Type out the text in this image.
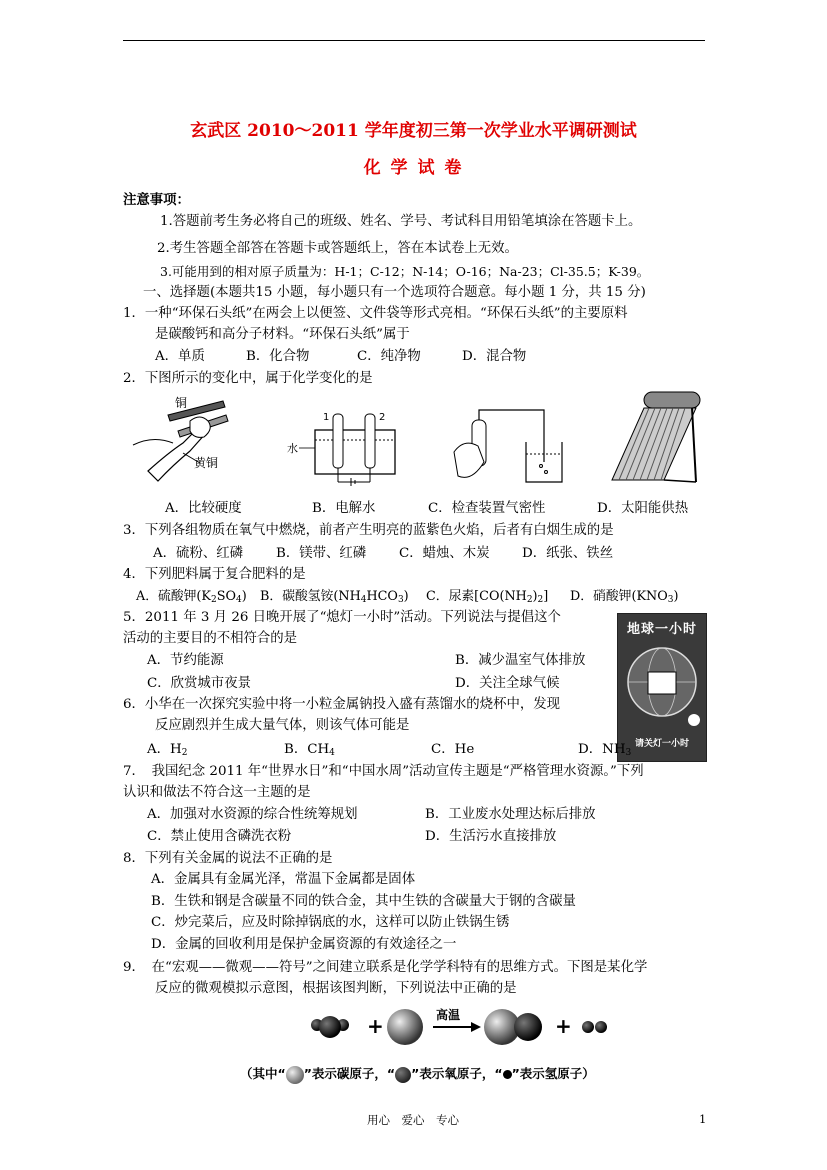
玄武区 2010～2011 学年度初三第一次学业水平调研测试
化 学 试 卷
注意事项：
1.答题前考生务必将自己的班级、姓名、学号、考试科目用铅笔填涂在答题卡上。
2.考生答题全部答在答题卡或答题纸上，答在本试卷上无效。
3.可能用到的相对原子质量为：H-1；C-12；N-14；O-16；Na-23；Cl-35.5；K-39。
一、选择题(本题共15 小题，每小题只有一个选项符合题意。每小题 1 分，共 15 分)
1．一种“环保石头纸”在两会上以便签、文件袋等形式亮相。“环保石头纸”的主要原料
是碳酸钙和高分子材料。“环保石头纸”属于
A．单质	B．化合物	C．纯净物	D．混合物
2．下图所示的变化中，属于化学变化的是
铜
黄铜
1	2
水
A．比较硬度	B．电解水	C．检查装置气密性	D．太阳能供热
3．下列各组物质在氧气中燃烧，前者产生明亮的蓝紫色火焰，后者有白烟生成的是
A．硫粉、红磷 B．镁带、红磷 C．蜡烛、木炭 D．纸张、铁丝
4．下列肥料属于复合肥料的是
A．硫酸钾$(K_2SO_4)$ B．碳酸氢铵$(NH_4HCO_3)$ C．尿素$[CO(NH_2)_2]$ D．硝酸钾$(KNO_3)$
5．2011 年 3 月 26 日晚开展了“熄灯一小时”活动。下列说法与提倡这个
活动的主要目的不相符合的是
A．节约能源	B．减少温室气体排放
C．欣赏城市夜景	D．关注全球气候
地球一小时
请关灯一小时
6．小华在一次探究实验中将一小粒金属钠投入盛有蒸馏水的烧杯中，发现
反应剧烈并生成大量气体，则该气体可能是
A．$H_2$	B．$CH_4$	C．He	D．$NH_3$
7．　我国纪念 2011 年“世界水日”和“中国水周”活动宣传主题是“严格管理水资源。”下列
认识和做法不符合这一主题的是
A．加强对水资源的综合性统筹规划	B．工业废水处理达标后排放
C．禁止使用含磷洗衣粉	D．生活污水直接排放
8．下列有关金属的说法不正确的是
A．金属具有金属光泽，常温下金属都是固体
B．生铁和钢是含碳量不同的铁合金，其中生铁的含碳量大于钢的含碳量
C．炒完菜后，应及时除掉锅底的水，这样可以防止铁锅生锈
D．金属的回收利用是保护金属资源的有效途径之一
9．　在“宏观——微观——符号”之间建立联系是化学学科特有的思维方式。下图是某化学
反应的微观模拟示意图，根据该图判断，下列说法中正确的是
+	高温	+
（其中“ ”表示碳原子，“ ”表示氧原子，“ ”表示氢原子）
用心　爱心　专心	1
